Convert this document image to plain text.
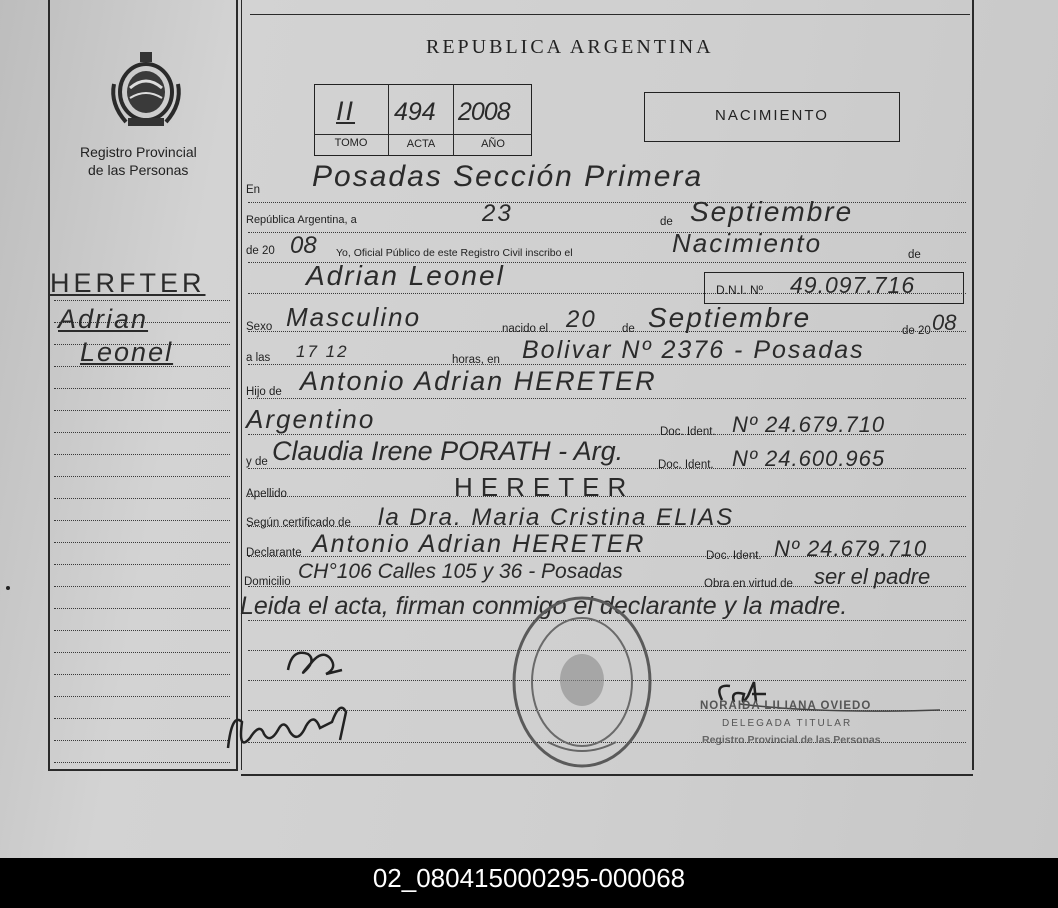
Registro Provincial
de las Personas
HERFTER
Adrian
Leonel
REPUBLICA ARGENTINA
II 494 2008
TOMO	ACTA	AÑO
NACIMIENTO
En Posadas Sección Primera
República Argentina, a	23	de Septiembre
de 20 08 Yo, Oficial Público de este Registro Civil inscribo el	Nacimiento	de
Adrian Leonel	D.N.I. Nº 49.097.716
Sexo Masculino	nacido el 20 de Septiembre	de 20 08
a las 17 12	horas, en Bolivar Nº 2376 - Posadas
Hijo de Antonio Adrian HERETER
Argentino	Doc. Ident. Nº 24.679.710
y de Claudia Irene PORATH - Arg.	Doc. Ident. Nº 24.600.965
Apellido	HERETER
Según certificado de la Dra. Maria Cristina ELIAS
Declarante Antonio Adrian HERETER	Doc. Ident. Nº 24.679.710
Domicilio CH°106 Calles 105 y 36 - Posadas
Obra en virtud de ser el padre
Leida el acta, firman conmigo el declarante y la madre.
NORAIDA LILIANA OVIEDO
DELEGADA TITULAR
Registro Provincial de las Personas
02_080415000295-000068
